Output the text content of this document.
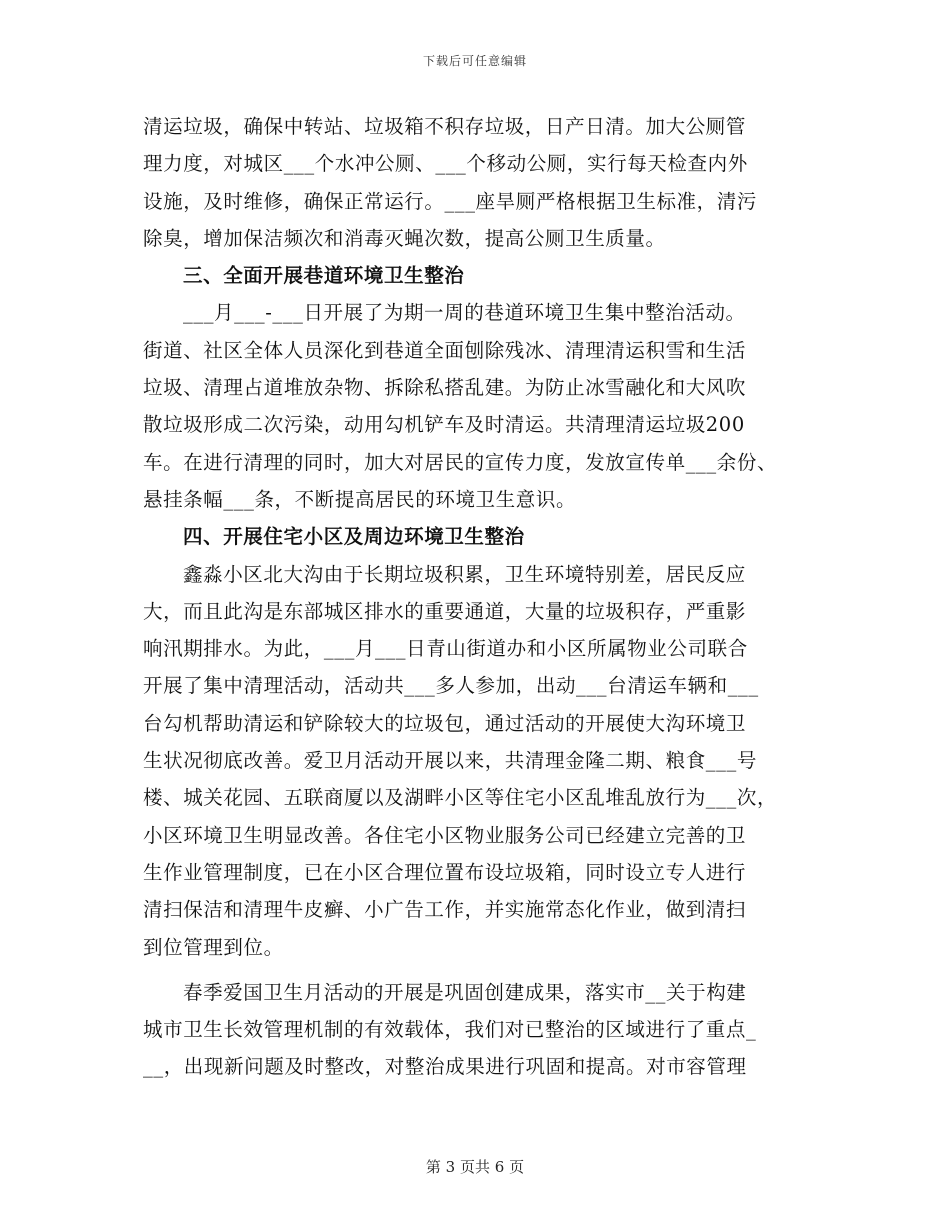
下载后可任意编辑
清运垃圾，确保中转站、垃圾箱不积存垃圾，日产日清。加大公厕管
理力度，对城区___个水冲公厕、___个移动公厕，实行每天检查内外
设施，及时维修，确保正常运行。___座旱厕严格根据卫生标准，清污
除臭，增加保洁频次和消毒灭蝇次数，提高公厕卫生质量。
三、全面开展巷道环境卫生整治
___月___-___日开展了为期一周的巷道环境卫生集中整治活动。
街道、社区全体人员深化到巷道全面刨除残冰、清理清运积雪和生活
垃圾、清理占道堆放杂物、拆除私搭乱建。为防止冰雪融化和大风吹
散垃圾形成二次污染，动用勾机铲车及时清运。共清理清运垃圾200
车。在进行清理的同时，加大对居民的宣传力度，发放宣传单___余份、
悬挂条幅___条，不断提高居民的环境卫生意识。
四、开展住宅小区及周边环境卫生整治
鑫淼小区北大沟由于长期垃圾积累，卫生环境特别差，居民反应
大，而且此沟是东部城区排水的重要通道，大量的垃圾积存，严重影
响汛期排水。为此，___月___日青山街道办和小区所属物业公司联合
开展了集中清理活动，活动共___多人参加，出动___台清运车辆和___
台勾机帮助清运和铲除较大的垃圾包，通过活动的开展使大沟环境卫
生状况彻底改善。爱卫月活动开展以来，共清理金隆二期、粮食___号
楼、城关花园、五联商厦以及湖畔小区等住宅小区乱堆乱放行为___次，
小区环境卫生明显改善。各住宅小区物业服务公司已经建立完善的卫
生作业管理制度，已在小区合理位置布设垃圾箱，同时设立专人进行
清扫保洁和清理牛皮癣、小广告工作，并实施常态化作业，做到清扫
到位管理到位。
春季爱国卫生月活动的开展是巩固创建成果，落实市__关于构建
城市卫生长效管理机制的有效载体，我们对已整治的区域进行了重点_
__，出现新问题及时整改，对整治成果进行巩固和提高。对市容管理
第 3 页共 6 页
